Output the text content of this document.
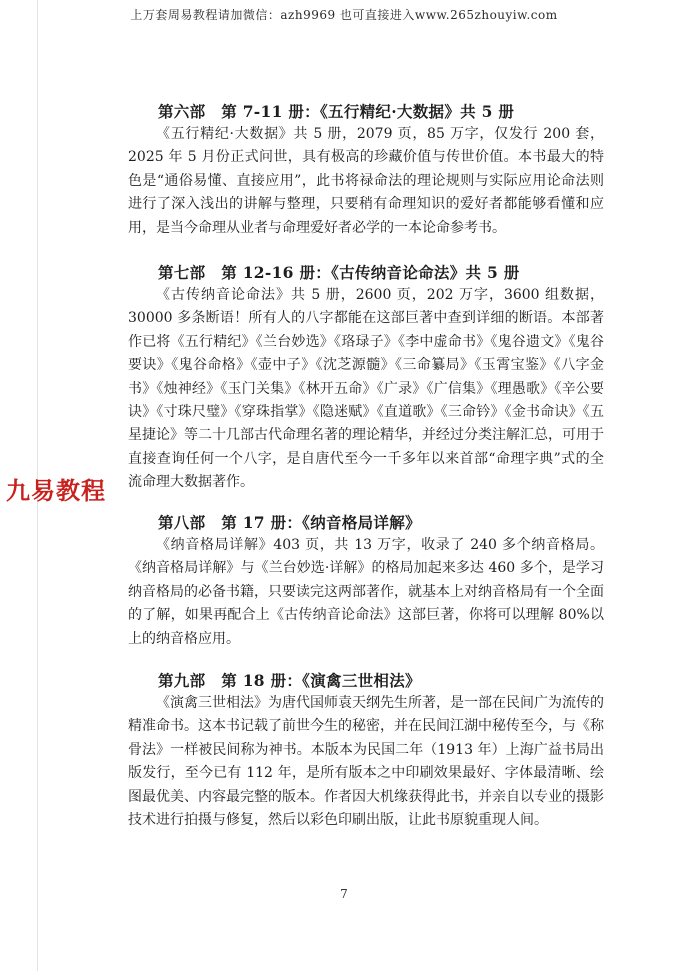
上万套周易教程请加微信：azh9969 也可直接进入www.265zhouyiw.com
第六部　第 7-11 册：《五行精纪·大数据》共 5 册

《五行精纪·大数据》共 5 册，2079 页，85 万字，仅发行 200 套，2025 年 5 月份正式问世，具有极高的珍藏价值与传世价值。本书最大的特色是“通俗易懂、直接应用”，此书将禄命法的理论规则与实际应用论命法则进行了深入浅出的讲解与整理，只要稍有命理知识的爱好者都能够看懂和应用，是当今命理从业者与命理爱好者必学的一本论命参考书。

第七部　第 12-16 册：《古传纳音论命法》共 5 册

《古传纳音论命法》共 5 册，2600 页，202 万字，3600 组数据，30000 多条断语！所有人的八字都能在这部巨著中查到详细的断语。本部著作已将《五行精纪》《兰台妙选》《珞琭子》《李中虚命书》《鬼谷遗文》《鬼谷要诀》《鬼谷命格》《壶中子》《沈芝源髓》《三命纂局》《玉霄宝鉴》《八字金书》《烛神经》《玉门关集》《林开五命》《广录》《广信集》《理愚歌》《辛公要诀》《寸珠尺璧》《穿珠指掌》《隐迷赋》《直道歌》《三命钤》《金书命诀》《五星捷论》等二十几部古代命理名著的理论精华，并经过分类注解汇总，可用于直接查询任何一个八字，是自唐代至今一千多年以来首部“命理字典”式的全流命理大数据著作。

九易教程
第八部　第 17 册：《纳音格局详解》

《纳音格局详解》403 页，共 13 万字，收录了 240 多个纳音格局。《纳音格局详解》与《兰台妙选·详解》的格局加起来多达 460 多个，是学习纳音格局的必备书籍，只要读完这两部著作，就基本上对纳音格局有一个全面的了解，如果再配合上《古传纳音论命法》这部巨著，你将可以理解 80%以上的纳音格应用。

第九部　第 18 册：《演禽三世相法》

《演禽三世相法》为唐代国师袁天纲先生所著，是一部在民间广为流传的精准命书。这本书记载了前世今生的秘密，并在民间江湖中秘传至今，与《称骨法》一样被民间称为神书。本版本为民国二年（1913 年）上海广益书局出版发行，至今已有 112 年，是所有版本之中印刷效果最好、字体最清晰、绘图最优美、内容最完整的版本。作者因大机缘获得此书，并亲自以专业的摄影技术进行拍摄与修复，然后以彩色印刷出版，让此书原貌重现人间。

7
